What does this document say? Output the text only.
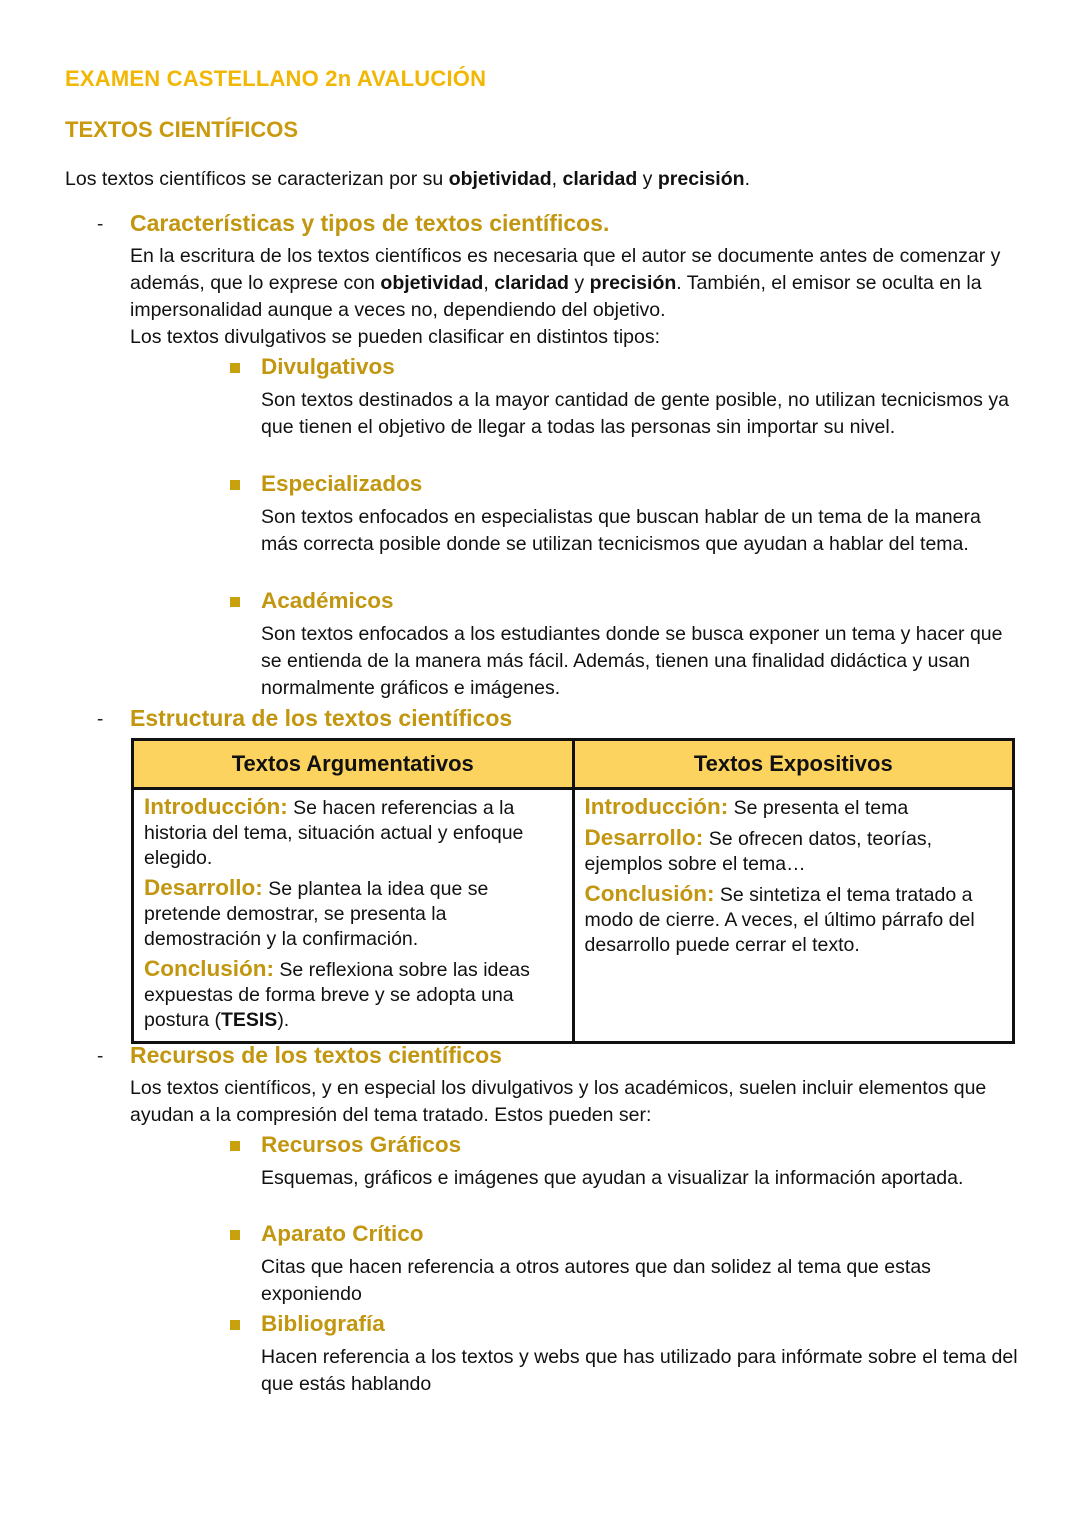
EXAMEN CASTELLANO 2n AVALUCIÓN
TEXTOS CIENTÍFICOS
Los textos científicos se caracterizan por su objetividad, claridad y precisión.
- Características y tipos de textos científicos.
En la escritura de los textos científicos es necesaria que el autor se documente antes de comenzar y además, que lo exprese con objetividad, claridad y precisión. También, el emisor se oculta en la impersonalidad aunque a veces no, dependiendo del objetivo.
Los textos divulgativos se pueden clasificar en distintos tipos:
Divulgativos
Son textos destinados a la mayor cantidad de gente posible, no utilizan tecnicismos ya que tienen el objetivo de llegar a todas las personas sin importar su nivel.
Especializados
Son textos enfocados en especialistas que buscan hablar de un tema de la manera más correcta posible donde se utilizan tecnicismos que ayudan a hablar del tema.
Académicos
Son textos enfocados a los estudiantes donde se busca exponer un tema y hacer que se entienda de la manera más fácil. Además, tienen una finalidad didáctica y usan normalmente gráficos e imágenes.
- Estructura de los textos científicos
Textos Argumentativos	Textos Expositivos

Introducción: Se hacen referencias a la historia del tema, situación actual y enfoque elegido.
Desarrollo: Se plantea la idea que se pretende demostrar, se presenta la demostración y la confirmación.
Conclusión: Se reflexiona sobre las ideas expuestas de forma breve y se adopta una postura (TESIS).

Introducción: Se presenta el tema
Desarrollo: Se ofrecen datos, teorías, ejemplos sobre el tema…
Conclusión: Se sintetiza el tema tratado a modo de cierre. A veces, el último párrafo del desarrollo puede cerrar el texto.
- Recursos de los textos científicos
Los textos científicos, y en especial los divulgativos y los académicos, suelen incluir elementos que ayudan a la compresión del tema tratado. Estos pueden ser:
Recursos Gráficos
Esquemas, gráficos e imágenes que ayudan a visualizar la información aportada.
Aparato Crítico
Citas que hacen referencia a otros autores que dan solidez al tema que estas exponiendo
Bibliografía
Hacen referencia a los textos y webs que has utilizado para infórmate sobre el tema del que estás hablando
